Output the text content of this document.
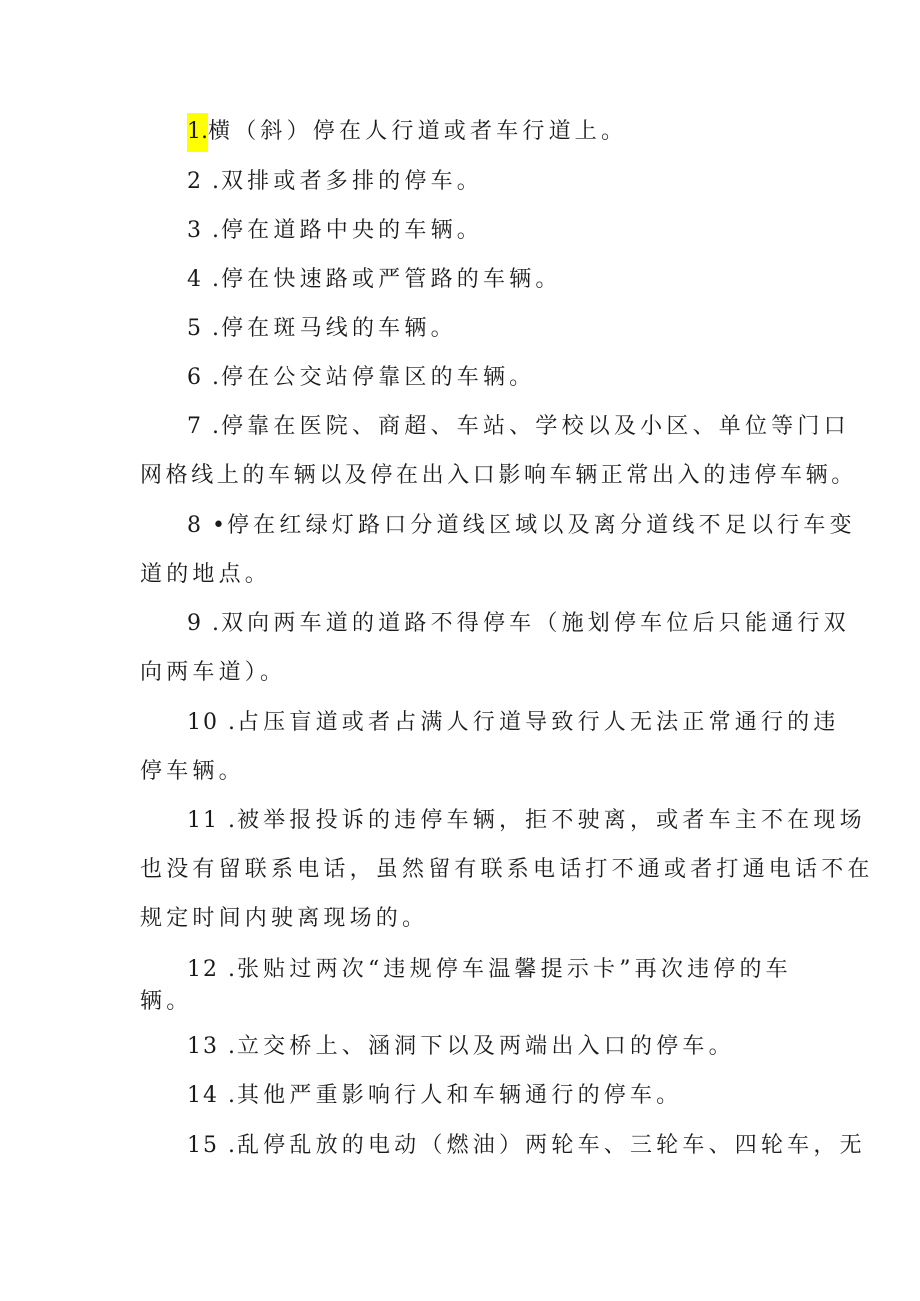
1.横（斜）停在人行道或者车行道上。
2 .双排或者多排的停车。
3 .停在道路中央的车辆。
4 .停在快速路或严管路的车辆。
5 .停在斑马线的车辆。
6 .停在公交站停靠区的车辆。
7 .停靠在医院、商超、车站、学校以及小区、单位等门口
网格线上的车辆以及停在出入口影响车辆正常出入的违停车辆。
8 •停在红绿灯路口分道线区域以及离分道线不足以行车变
道的地点。
9 .双向两车道的道路不得停车（施划停车位后只能通行双
向两车道）。
10 .占压盲道或者占满人行道导致行人无法正常通行的违
停车辆。
11 .被举报投诉的违停车辆，拒不驶离，或者车主不在现场
也没有留联系电话，虽然留有联系电话打不通或者打通电话不在
规定时间内驶离现场的。
12 .张贴过两次“违规停车温馨提示卡”再次违停的车
辆。
13 .立交桥上、涵洞下以及两端出入口的停车。
14 .其他严重影响行人和车辆通行的停车。
15 .乱停乱放的电动（燃油）两轮车、三轮车、四轮车，无
